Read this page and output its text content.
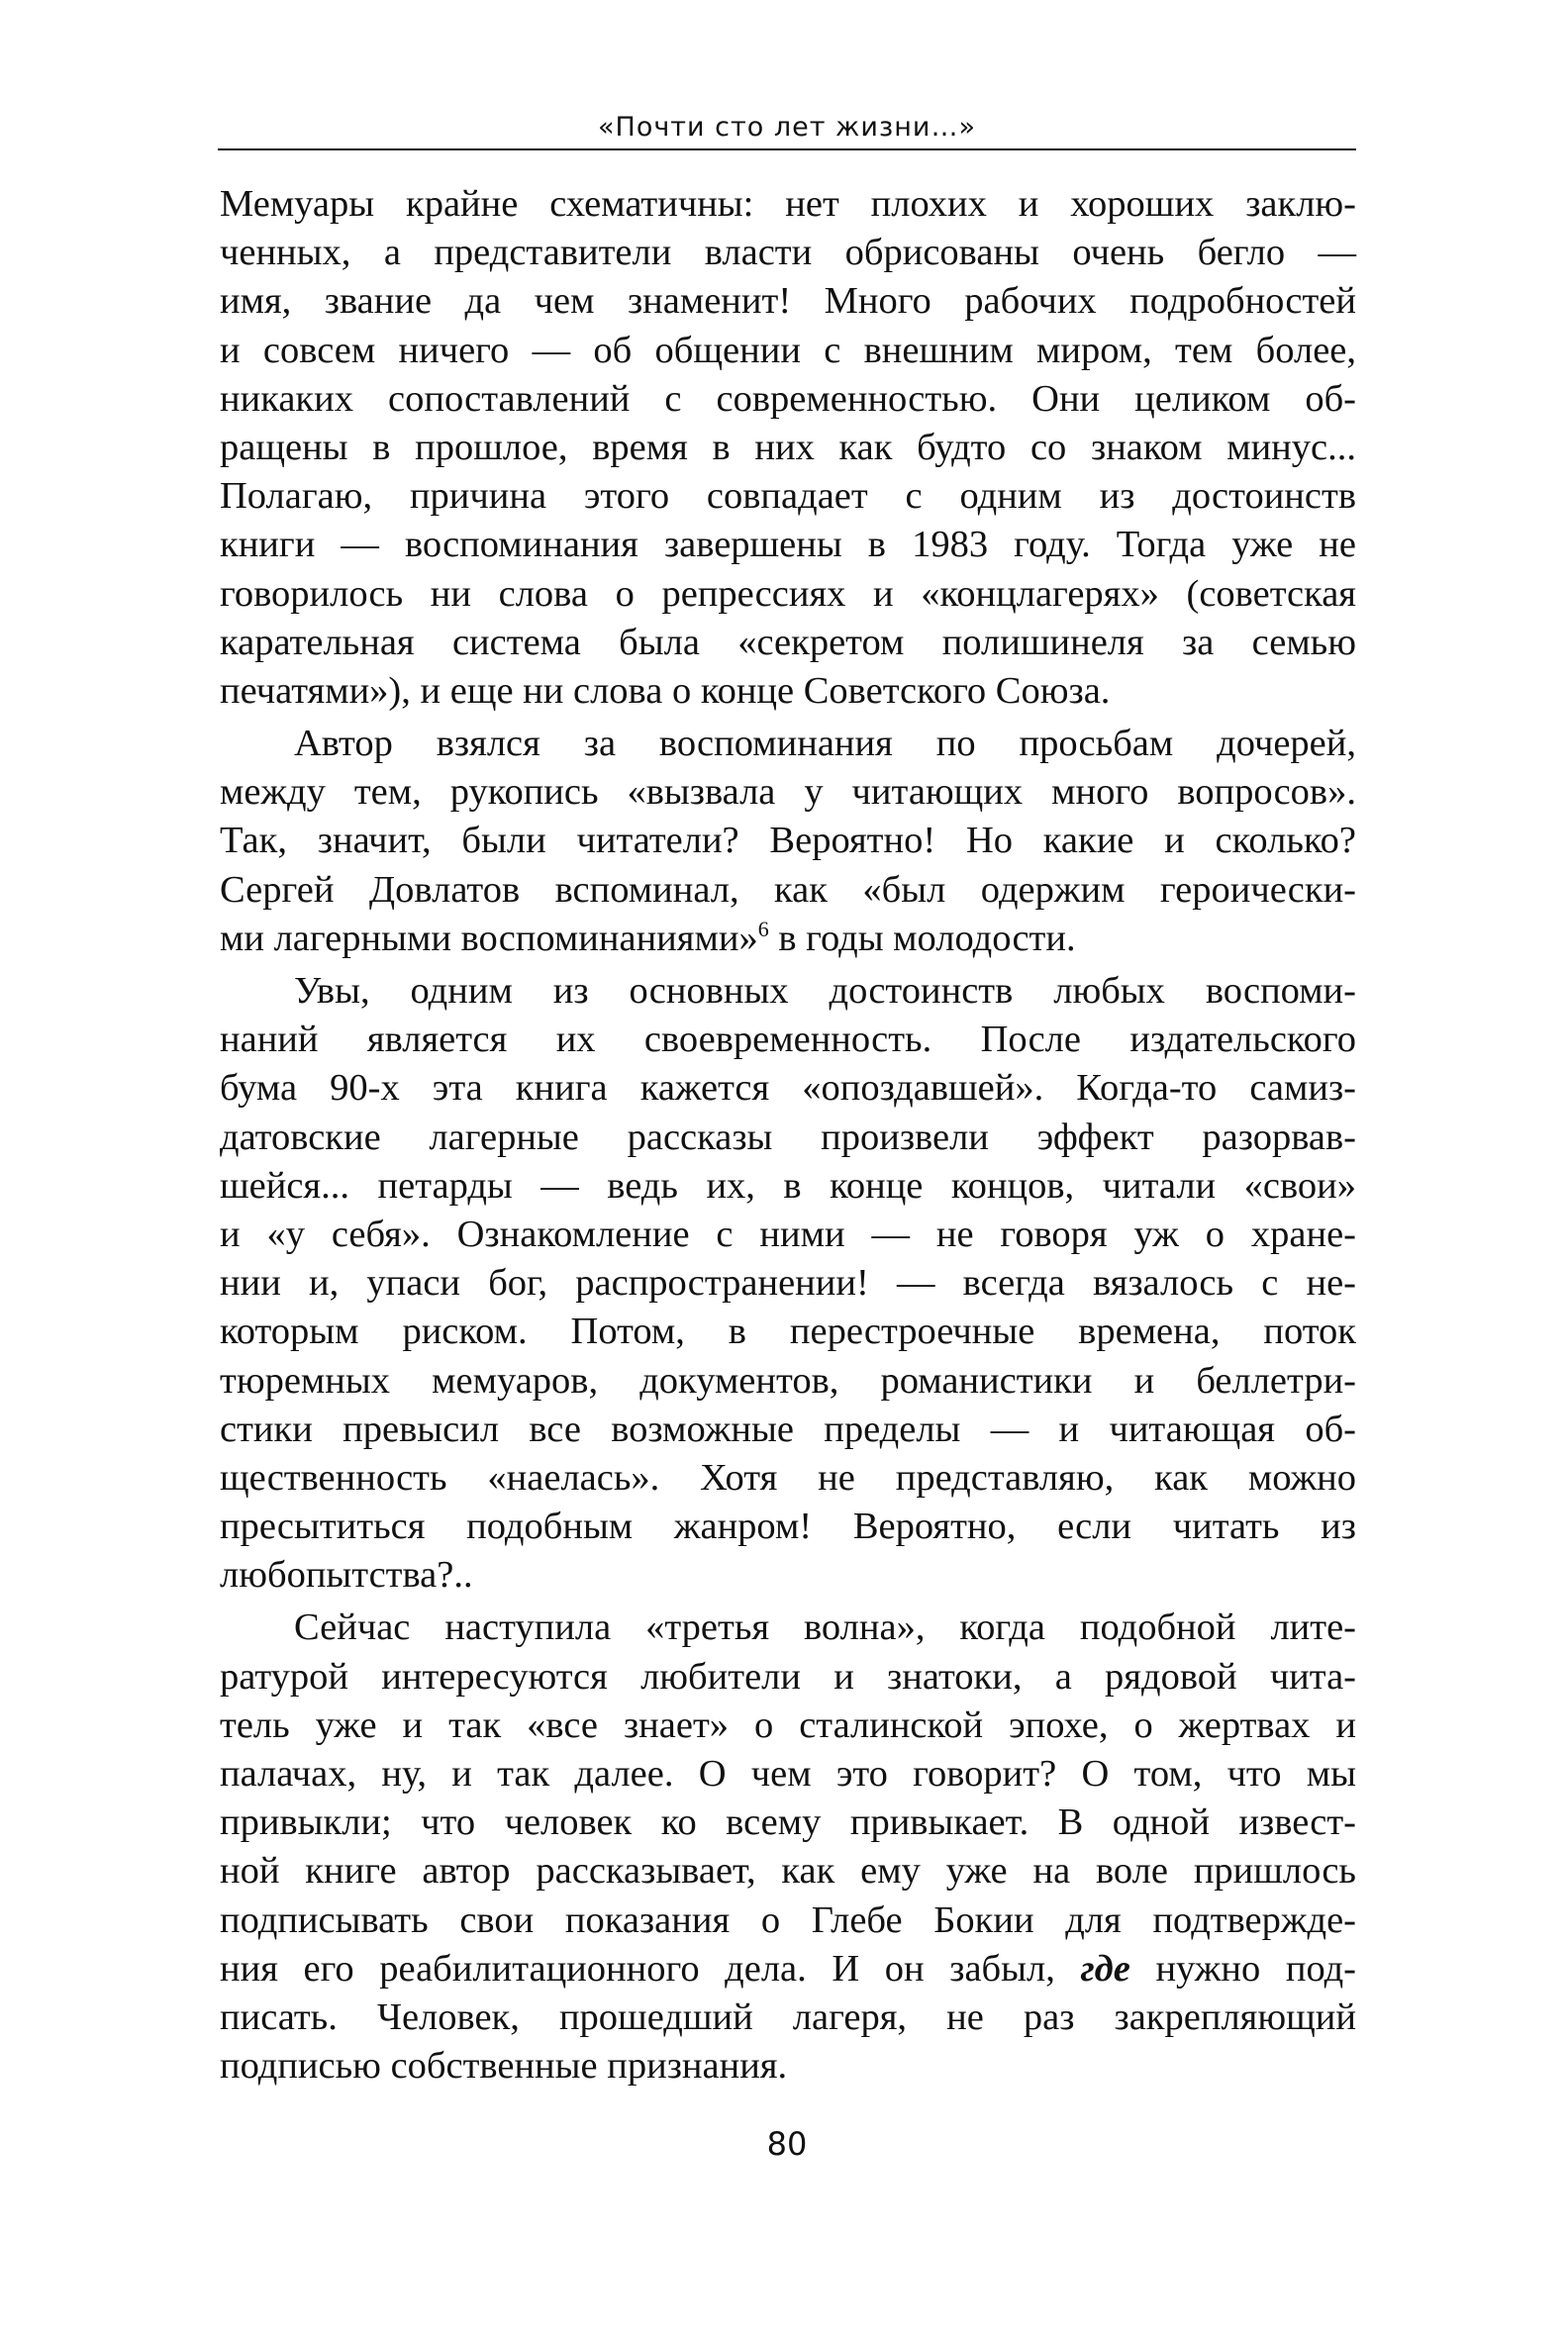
«Почти сто лет жизни…»
Мемуары крайне схематичны: нет плохих и хороших заклю-
ченных, а представители власти обрисованы очень бегло —
имя, звание да чем знаменит! Много рабочих подробностей
и совсем ничего — об общении с внешним миром, тем более,
никаких сопоставлений с современностью. Они целиком об-
ращены в прошлое, время в них как будто со знаком минус...
Полагаю, причина этого совпадает с одним из достоинств
книги — воспоминания завершены в 1983 году. Тогда уже не
говорилось ни слова о репрессиях и «концлагерях» (советская
карательная система была «секретом полишинеля за семью
печатями»), и еще ни слова о конце Советского Союза.
Автор взялся за воспоминания по просьбам дочерей,
между тем, рукопись «вызвала у читающих много вопросов».
Так, значит, были читатели? Вероятно! Но какие и сколько?
Сергей Довлатов вспоминал, как «был одержим героически-
ми лагерными воспоминаниями»$^6$ в годы молодости.
Увы, одним из основных достоинств любых воспоми-
наний является их своевременность. После издательского
бума 90-х эта книга кажется «опоздавшей». Когда-то самиз-
датовские лагерные рассказы произвели эффект разорвав-
шейся... петарды — ведь их, в конце концов, читали «свои»
и «у себя». Ознакомление с ними — не говоря уж о хране-
нии и, упаси бог, распространении! — всегда вязалось с не-
которым риском. Потом, в перестроечные времена, поток
тюремных мемуаров, документов, романистики и беллетри-
стики превысил все возможные пределы — и читающая об-
щественность «наелась». Хотя не представляю, как можно
пресытиться подобным жанром! Вероятно, если читать из
любопытства?..
Сейчас наступила «третья волна», когда подобной лите-
ратурой интересуются любители и знатоки, а рядовой чита-
тель уже и так «все знает» о сталинской эпохе, о жертвах и
палачах, ну, и так далее. О чем это говорит? О том, что мы
привыкли; что человек ко всему привыкает. В одной извест-
ной книге автор рассказывает, как ему уже на воле пришлось
подписывать свои показания о Глебе Бокии для подтвержде-
ния его реабилитационного дела. И он забыл, где нужно под-
писать. Человек, прошедший лагеря, не раз закрепляющий
подписью собственные признания.
80
